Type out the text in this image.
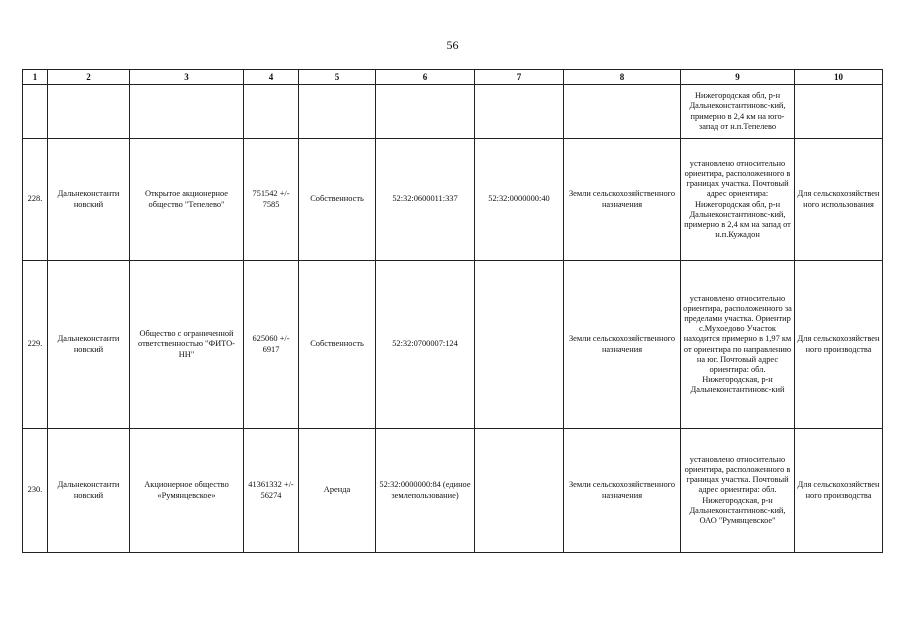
56
1	2	3	4	5	6	7	8	9	10
								Нижегородская обл, р-н Дальнеконстантиновс-кий, примерно в 2,4 км на юго-запад от н.п.Тепелево	
228.	Дальнеконстанти новский	Открытое акционерное общество "Тепелево"	751542 +/- 7585	Собственность	52:32:0600011:337	52:32:0000000:40	Земли сельскохозяйственного назначения	установлено относительно ориентира, расположенного в границах участка. Почтовый адрес ориентира: Нижегородская обл, р-н Дальнеконстантиновс-кий, примерно в 2,4 км на запад от н.п.Кужадон	Для сельскохозяйствен ного использования
229.	Дальнеконстанти новский	Общество с ограниченной ответственностью "ФИТО-НН"	625060 +/- 6917	Собственность	52:32:0700007:124		Земли сельскохозяйственного назначения	установлено относительно ориентира, расположенного за пределами участка. Ориентир с.Мухоедово Участок находится примерно в 1,97 км от ориентира по направлению на юг. Почтовый адрес ориентира: обл. Нижегородская, р-н Дальнеконстантиновс-кий	Для сельскохозяйствен ного производства
230.	Дальнеконстанти новский	Акционерное общество «Румянцевское»	41361332 +/- 56274	Аренда	52:32:0000000:84 (единое землепользование)		Земли сельскохозяйственного назначения	установлено относительно ориентира, расположенного в границах участка. Почтовый адрес ориентира: обл. Нижегородская, р-н Дальнеконстантиновс-кий, ОАО "Румянцевское"	Для сельскохозяйствен ного производства
